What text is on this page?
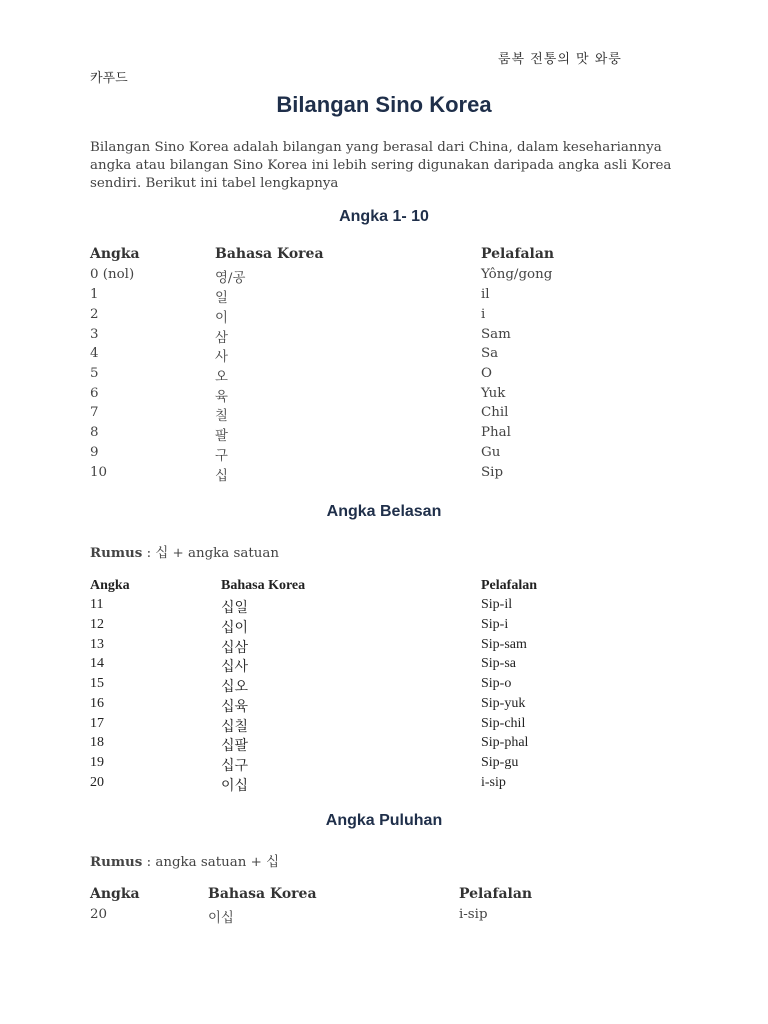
룸복 전통의 맛 와룽
카푸드
Bilangan Sino Korea
Bilangan Sino Korea adalah bilangan yang berasal dari China, dalam kesehariannya angka atau bilangan Sino Korea ini lebih sering digunakan daripada angka asli Korea sendiri. Berikut ini tabel lengkapnya
Angka 1- 10
Angka	Bahasa Korea	Pelafalan
0 (nol)	영/공	Yông/gong
1	일	il
2	이	i
3	삼	Sam
4	사	Sa
5	오	O
6	육	Yuk
7	칠	Chil
8	팔	Phal
9	구	Gu
10	십	Sip
Angka Belasan
Rumus : 십 + angka satuan
Angka	Bahasa Korea	Pelafalan
11	십일	Sip-il
12	십이	Sip-i
13	십삼	Sip-sam
14	십사	Sip-sa
15	십오	Sip-o
16	십육	Sip-yuk
17	십칠	Sip-chil
18	십팔	Sip-phal
19	십구	Sip-gu
20	이십	i-sip
Angka Puluhan
Rumus : angka satuan + 십
Angka	Bahasa Korea	Pelafalan
20	이십	i-sip
